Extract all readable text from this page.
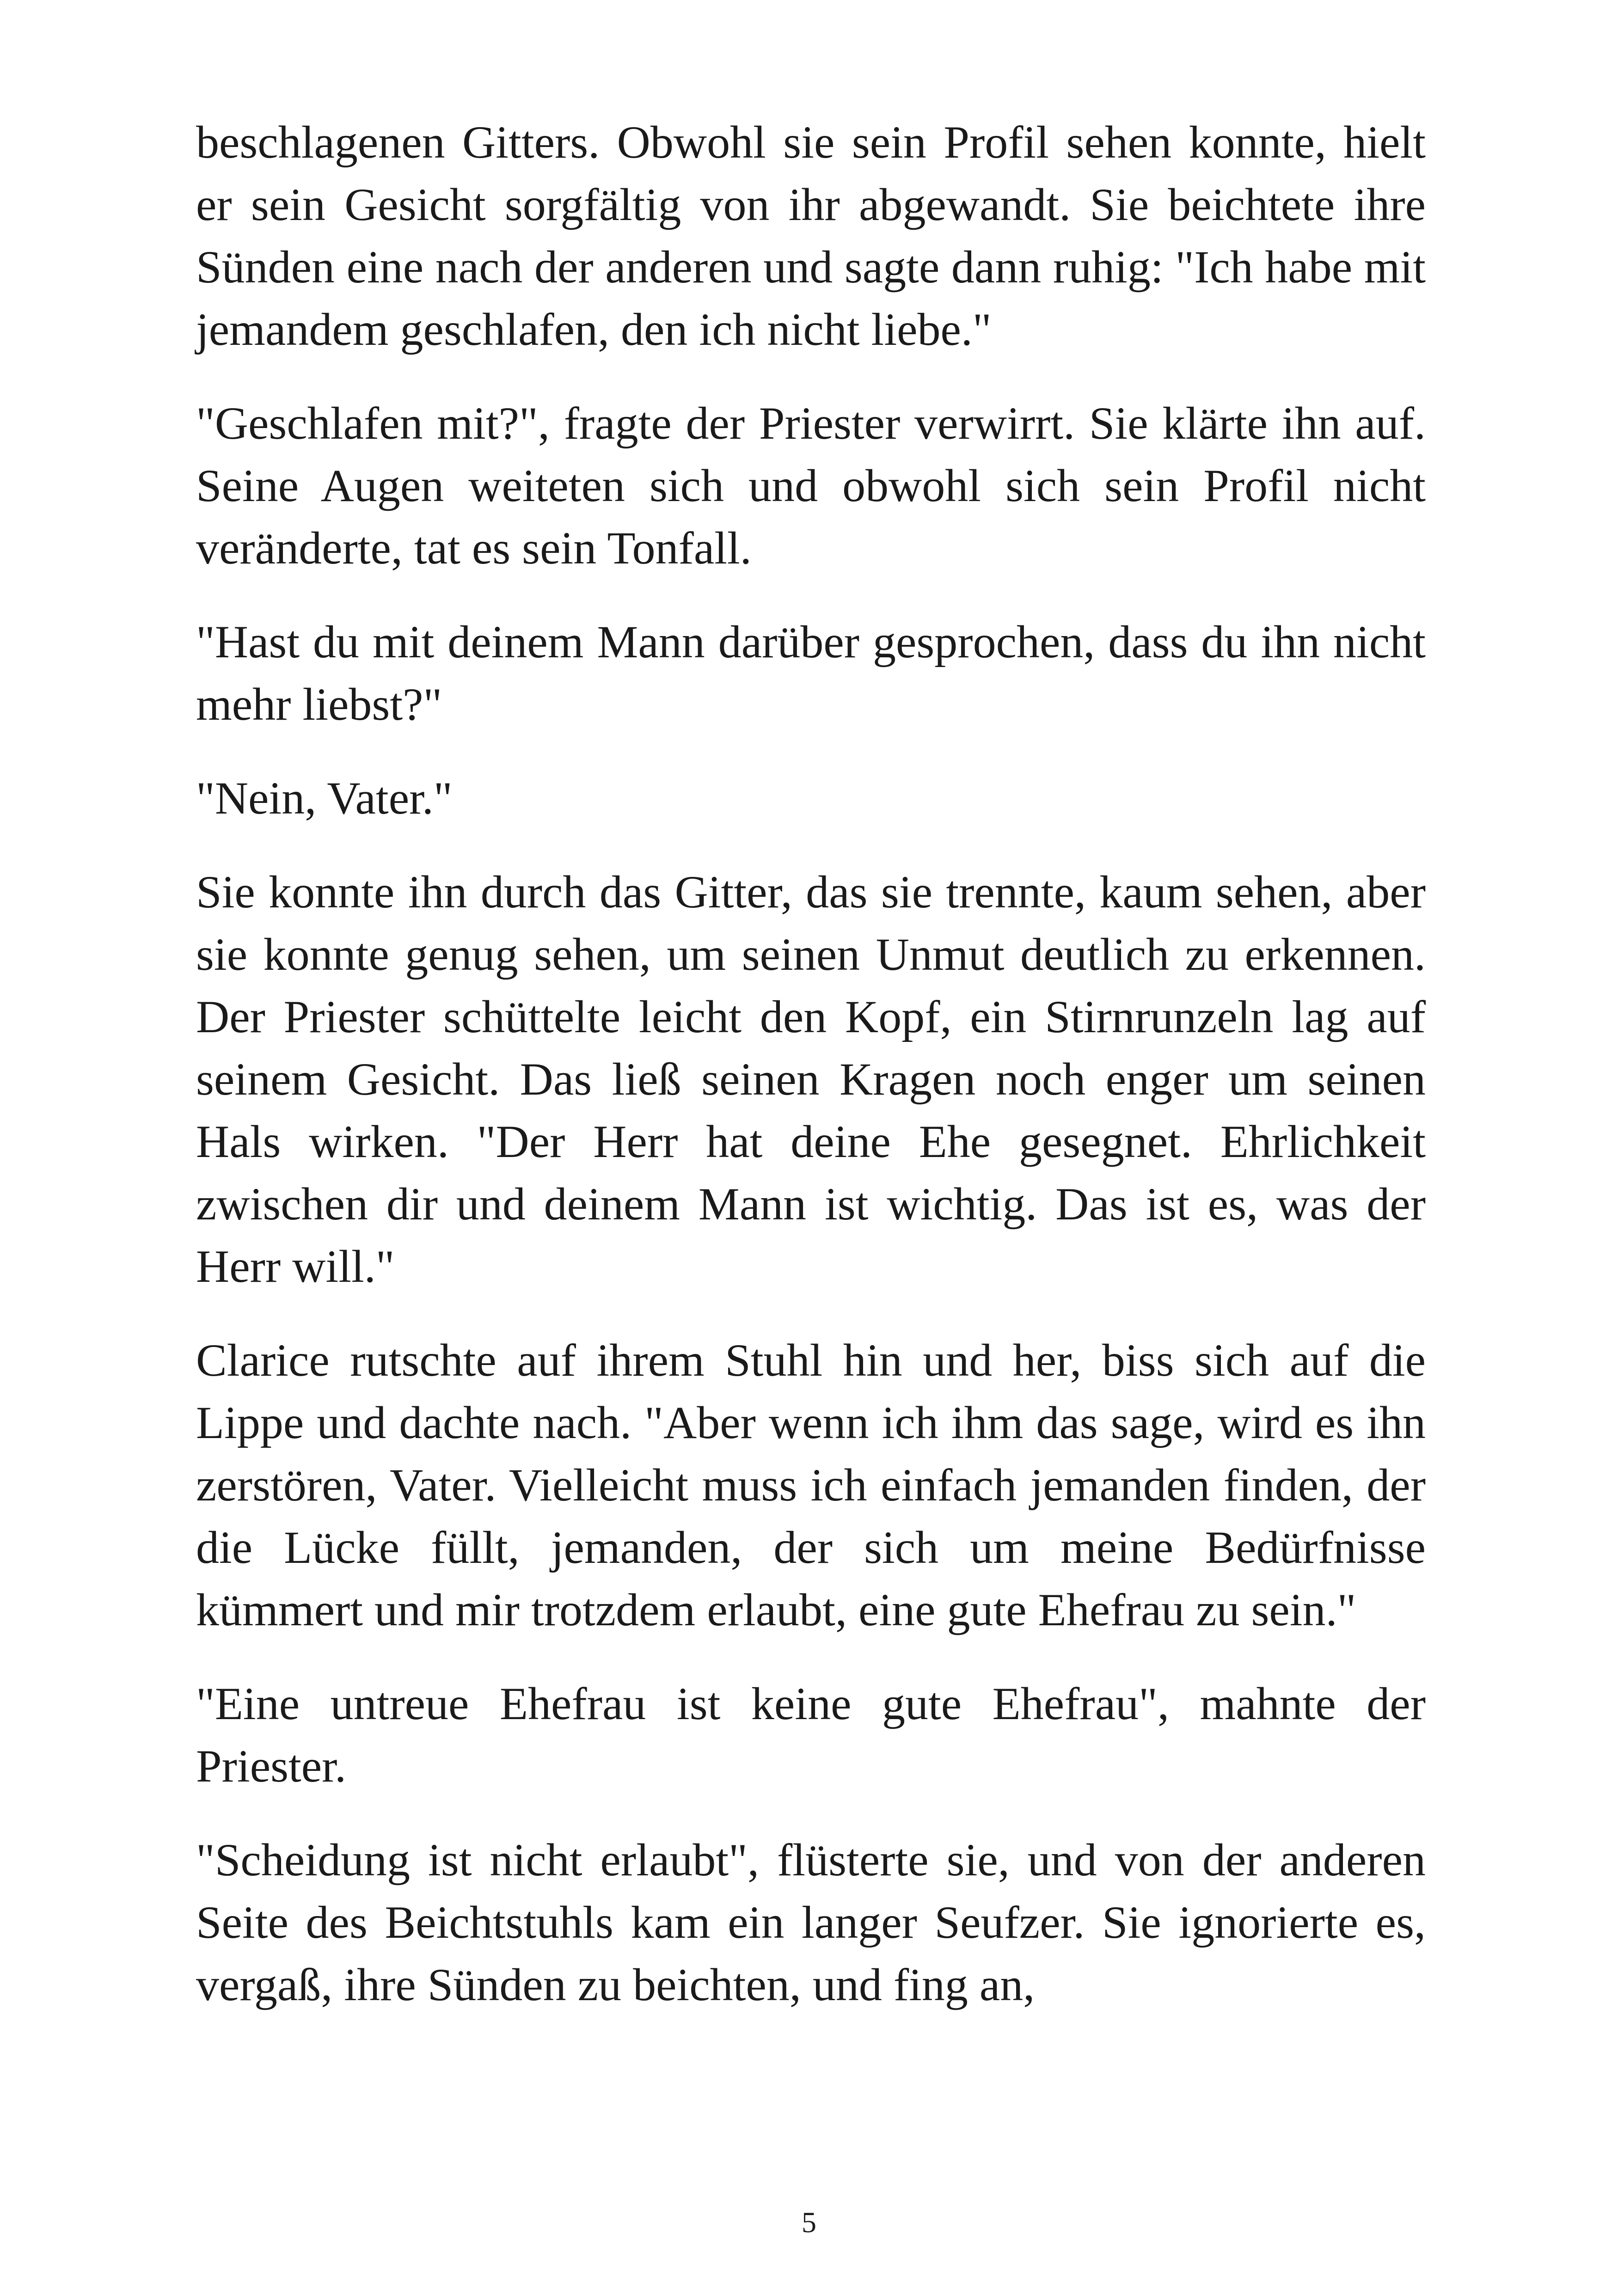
beschlagenen Gitters. Obwohl sie sein Profil sehen konnte, hielt er sein Gesicht sorgfältig von ihr abgewandt. Sie beichtete ihre Sünden eine nach der anderen und sagte dann ruhig: "Ich habe mit jemandem geschlafen, den ich nicht liebe."

"Geschlafen mit?", fragte der Priester verwirrt. Sie klärte ihn auf. Seine Augen weiteten sich und obwohl sich sein Profil nicht veränderte, tat es sein Tonfall.

"Hast du mit deinem Mann darüber gesprochen, dass du ihn nicht mehr liebst?"

"Nein, Vater."

Sie konnte ihn durch das Gitter, das sie trennte, kaum sehen, aber sie konnte genug sehen, um seinen Unmut deutlich zu erkennen. Der Priester schüttelte leicht den Kopf, ein Stirnrunzeln lag auf seinem Gesicht. Das ließ seinen Kragen noch enger um seinen Hals wirken. "Der Herr hat deine Ehe gesegnet. Ehrlichkeit zwischen dir und deinem Mann ist wichtig. Das ist es, was der Herr will."

Clarice rutschte auf ihrem Stuhl hin und her, biss sich auf die Lippe und dachte nach. "Aber wenn ich ihm das sage, wird es ihn zerstören, Vater. Vielleicht muss ich einfach jemanden finden, der die Lücke füllt, jemanden, der sich um meine Bedürfnisse kümmert und mir trotzdem erlaubt, eine gute Ehefrau zu sein."

"Eine untreue Ehefrau ist keine gute Ehefrau", mahnte der Priester.

"Scheidung ist nicht erlaubt", flüsterte sie, und von der anderen Seite des Beichtstuhls kam ein langer Seufzer. Sie ignorierte es, vergaß, ihre Sünden zu beichten, und fing an,

5
